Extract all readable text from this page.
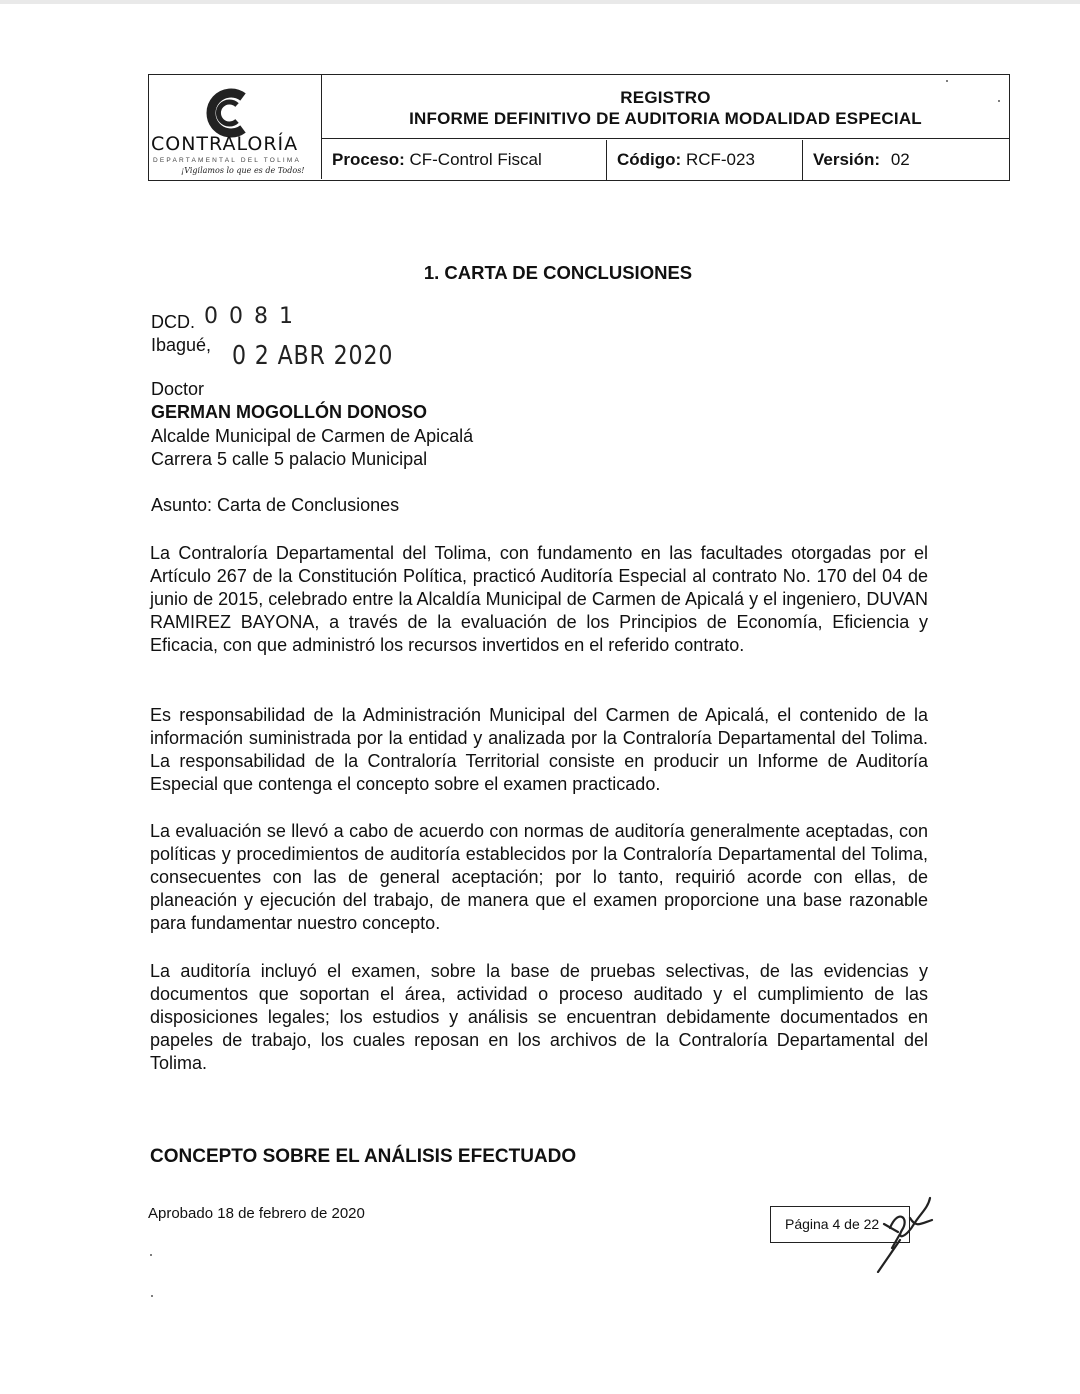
CONTRALORÍA
DEPARTAMENTAL DEL TOLIMA
¡Vigilamos lo que es de Todos!
REGISTRO
INFORME DEFINITIVO DE AUDITORIA MODALIDAD ESPECIAL
Proceso: CF-Control Fiscal	Código: RCF-023	Versión: 02
1. CARTA DE CONCLUSIONES
DCD. 0 0 8 1
Ibagué, 0 2 ABR 2020
Doctor
GERMAN MOGOLLÓN DONOSO
Alcalde Municipal de Carmen de Apicalá
Carrera 5 calle 5 palacio Municipal
Asunto: Carta de Conclusiones
La Contraloría Departamental del Tolima, con fundamento en las facultades otorgadas por el Artículo 267 de la Constitución Política, practicó Auditoría Especial al contrato No. 170 del 04 de junio de 2015, celebrado entre la Alcaldía Municipal de Carmen de Apicalá y el ingeniero, DUVAN RAMIREZ BAYONA, a través de la evaluación de los Principios de Economía, Eficiencia y Eficacia, con que administró los recursos invertidos en el referido contrato.
Es responsabilidad de la Administración Municipal del Carmen de Apicalá, el contenido de la información suministrada por la entidad y analizada por la Contraloría Departamental del Tolima. La responsabilidad de la Contraloría Territorial consiste en producir un Informe de Auditoría Especial que contenga el concepto sobre el examen practicado.
La evaluación se llevó a cabo de acuerdo con normas de auditoría generalmente aceptadas, con políticas y procedimientos de auditoría establecidos por la Contraloría Departamental del Tolima, consecuentes con las de general aceptación; por lo tanto, requirió acorde con ellas, de planeación y ejecución del trabajo, de manera que el examen proporcione una base razonable para fundamentar nuestro concepto.
La auditoría incluyó el examen, sobre la base de pruebas selectivas, de las evidencias y documentos que soportan el área, actividad o proceso auditado y el cumplimiento de las disposiciones legales; los estudios y análisis se encuentran debidamente documentados en papeles de trabajo, los cuales reposan en los archivos de la Contraloría Departamental del Tolima.
CONCEPTO SOBRE EL ANÁLISIS EFECTUADO
Aprobado 18 de febrero de 2020
Página 4 de 22
